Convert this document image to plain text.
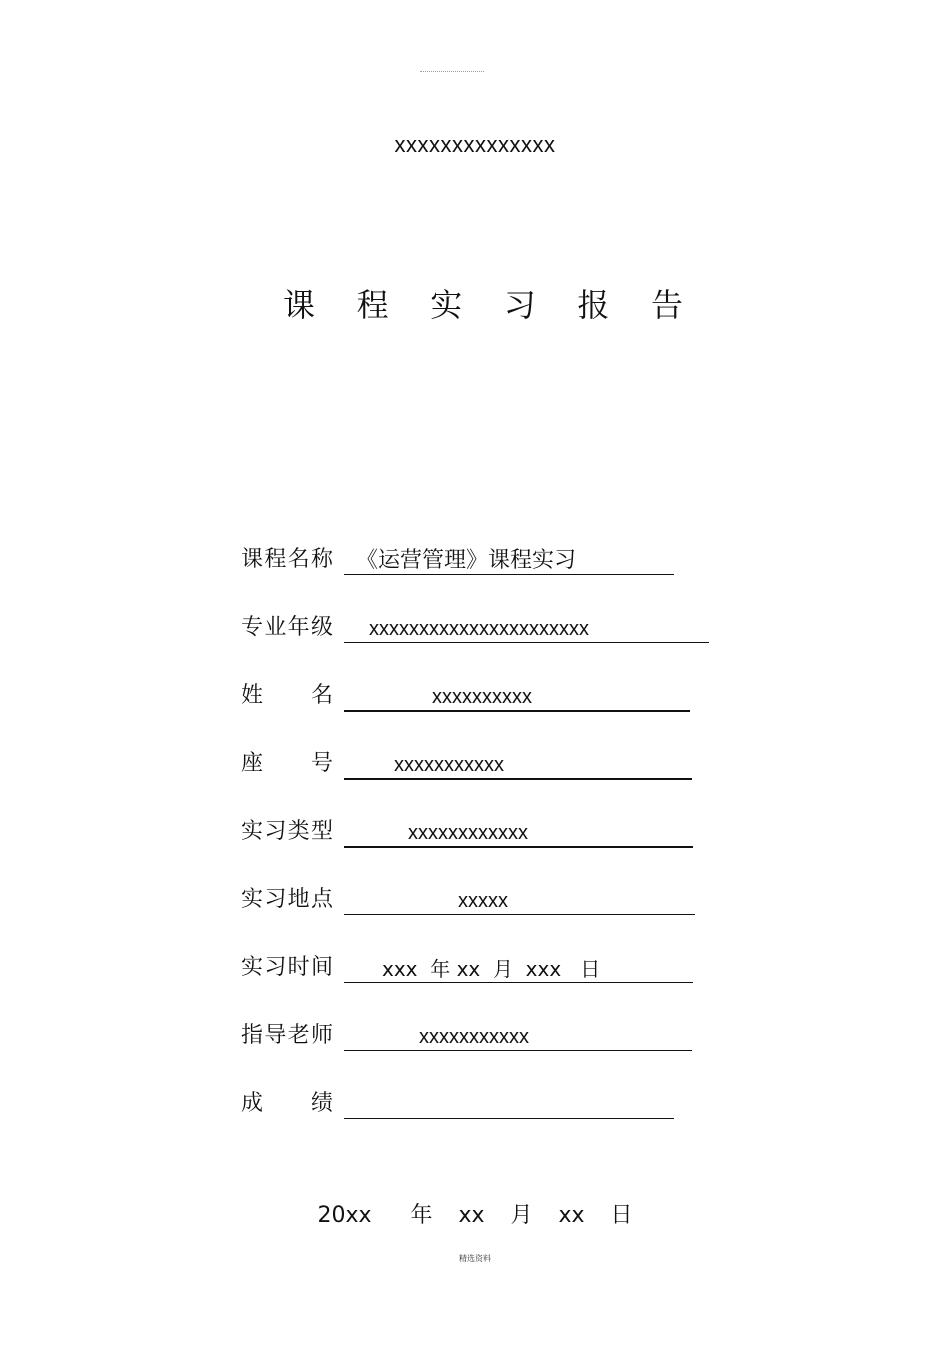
xxxxxxxxxxxxxx
课 程 实 习 报 告
课 程 名 称 《运营管理》课程实习
专 业 年 级 xxxxxxxxxxxxxxxxxxxxxx
姓 名	xxxxxxxxxx
座 号	xxxxxxxxxxx
实 习 类 型	xxxxxxxxxxxx
实 习 地 点	xxxxx
实 习 时 间 xxx  年 xx  月  xxx   日
指 导 老 师	xxxxxxxxxxx
成 绩
20xx   年  xx  月  xx  日
精选资料
